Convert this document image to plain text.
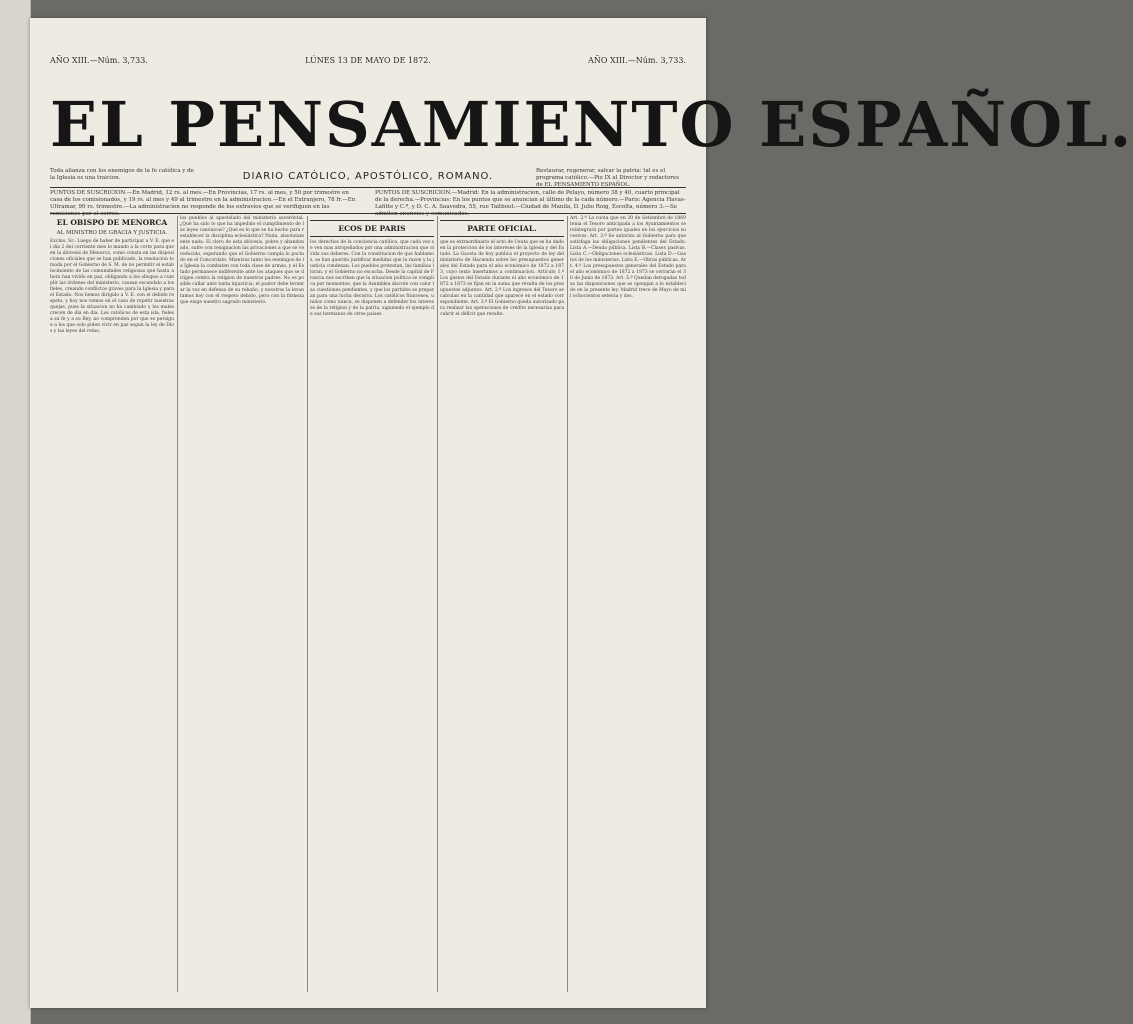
AÑO XIII.—Núm. 3,733.	LÚNES 13 DE MAYO DE 1872.	AÑO XIII.—Núm. 3,733.
EL PENSAMIENTO ESPAÑOL.
Toda alianza con los enemigos de la fe católica y de la Iglesia es una traicion.	DIARIO CATÓLICO, APOSTÓLICO, ROMANO.	Restaurar, regenerar, salvar la patria: tal es el programa católico.—Pio IX al Director y redactores de EL PENSAMIENTO ESPAÑOL.
PUNTOS DE SUSCRICION.—En Madrid, 12 rs. al mes.—En Provincias, 17 rs. al mes, y 50 por trimestre en casa de los comisionados, y 19 rs. al mes y 49 al trimestre en la administracion.—En el Extranjero, 78 fr.—En Ultramar, 90 rs. trimestre.—La administracion no responde de los extravíos que se verifiquen en las remisiones por el correo.
PUNTOS DE SUSCRICION.—Madrid: En la administracion, calle de Pelayo, número 38 y 40, cuarto principal de la derecha.—Provincias: En los puntos que se anuncian al último de la cada número.—Paris: Agencia Havas-Lafitte y C.ª, y D. C. A. Saavedra, 55, rue Taitbout.—Ciudad de Manila, D. Julio Roig, Escolta, número 3.—Se admiten anuncios y comunicados.
EL OBISPO DE MENORCA
AL MINISTRO DE GRACIA Y JUSTICIA.
Excmo. Sr.: Luego de haber de participar a V. E. que el día 2 del corriente mes lo mando a la corte para que en la diócesis de Menorca, como consta en las disposiciones oficiales que se han publicado, la resolucion tomada por el Gobierno de S. M. de no permitir el establecimiento de las comunidades religiosas que hasta ahora han vivido en paz, obligando a los obispos a cumplir las órdenes del ministerio, causan escandalo a los fieles, creando conflictos graves para la Iglesia y para el Estado. Nos hemos dirigido a V. E. con el debido respeto, y hoy nos vemos en el caso de repetir nuestras quejas, pues la situacion no ha cambiado y los males crecen de dia en dia. Los católicos de esta isla, fieles a su fe y a su Rey, no comprenden por que se persigue a los que solo piden vivir en paz segun la ley de Dios y las leyes del reino.
los pueblos al apostolado del ministerio sacerdotal. ¿Qué ha sido lo que ha impedido el cumplimiento de las leyes canónicas? ¿Qué es lo que se ha hecho para restablecer la disciplina eclesiástica? Nada, absolutamente nada. El clero de esta diócesis, pobre y abandonado, sufre con resignacion las privaciones a que se ve reducido, esperando que el Gobierno cumpla lo pactado en el Concordato. Mientras tanto los enemigos de la Iglesia la combaten con toda clase de armas, y el Estado permanece indiferente ante los ataques que se dirigen contra la religion de nuestros padres. No es posible callar ante tanta injusticia; el pastor debe levantar la voz en defensa de su rebaño, y nosotros la levantamos hoy con el respeto debido, pero con la firmeza que exige nuestro sagrado ministerio.
ECOS DE PARIS
los derechos de la conciencia católica, que cada vez se ven mas atropellados por una administracion que olvida sus deberes. Con la constitucion de que hablamos, se han querido justificar medidas que la razon y la justicia condenan. Los pueblos protestan, las familias lloran, y el Gobierno no escucha. Desde la capital de Francia nos escriben que la situacion política se complica por momentos; que la Asamblea discute con calor las cuestiones pendientes, y que los partidos se preparan para una lucha decisiva. Los católicos franceses, unidos como nunca, se disponen a defender los intereses de la religion y de la patria, siguiendo el ejemplo de sus hermanos de otros países.
PARTE OFICIAL.
que es extraordinario el acto de Ceuta que se ha dado en la proteccion de los intereses de la Iglesia y del Estado. La Gaceta de hoy publica el proyecto de ley del ministerio de Hacienda sobre los presupuestos generales del Estado para el año económico de 1872 a 1873, cuyo texto insertamos a continuacion. Artículo 1.º Los gastos del Estado durante el año económico de 1872 a 1873 se fijan en la suma que resulta de los presupuestos adjuntos. Art. 2.º Los ingresos del Tesoro se calculan en la cantidad que aparece en el estado correspondiente. Art. 3.º El Gobierno queda autorizado para realizar las operaciones de crédito necesarias para cubrir el déficit que resulte.
Art. 2.º La cuota que en 30 de Setiembre de 1869 tenia el Tesoro anticipada a los Ayuntamientos se reintegrará por partes iguales en los ejercicios sucesivos. Art. 3.º Se autoriza al Gobierno para que satisfaga las obligaciones pendientes del Estado. Lista A.—Deuda pública. Lista B.—Clases pasivas. Lista C.—Obligaciones eclesiásticas. Lista D.—Gastos de los ministerios. Lista E.—Obras públicas. Art. 4.º Los presupuestos generales del Estado para el año económico de 1872 a 1873 se cerrarán el 30 de Junio de 1873. Art. 5.º Quedan derogadas todas las disposiciones que se opongan a lo establecido en la presente ley. Madrid trece de Mayo de mil ochocientos setenta y dos.
